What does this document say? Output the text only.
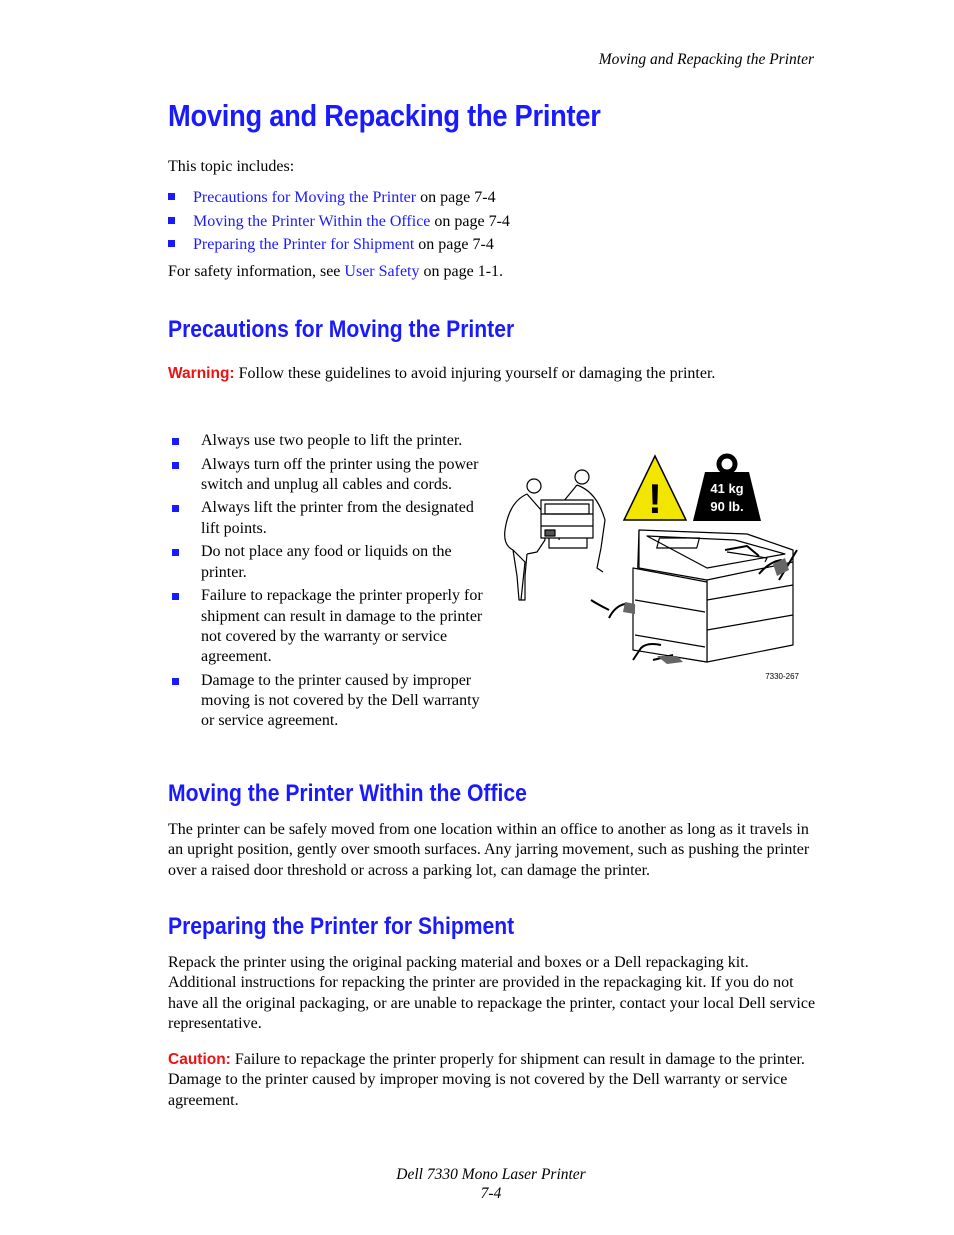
Moving and Repacking the Printer
Moving and Repacking the Printer
This topic includes:
Precautions for Moving the Printer on page 7-4
Moving the Printer Within the Office on page 7-4
Preparing the Printer for Shipment on page 7-4
For safety information, see User Safety on page 1-1.
Precautions for Moving the Printer
Warning: Follow these guidelines to avoid injuring yourself or damaging the printer.
Always use two people to lift the printer.
Always turn off the printer using the power switch and unplug all cables and cords.
Always lift the printer from the designated lift points.
Do not place any food or liquids on the printer.
Failure to repackage the printer properly for shipment can result in damage to the printer not covered by the warranty or service agreement.
Damage to the printer caused by improper moving is not covered by the Dell warranty or service agreement.
!	41 kg
90 lb.
7330-267
Moving the Printer Within the Office

The printer can be safely moved from one location within an office to another as long as it travels in an upright position, gently over smooth surfaces. Any jarring movement, such as pushing the printer over a raised door threshold or across a parking lot, can damage the printer.

Preparing the Printer for Shipment

Repack the printer using the original packing material and boxes or a Dell repackaging kit. Additional instructions for repacking the printer are provided in the repackaging kit. If you do not have all the original packaging, or are unable to repackage the printer, contact your local Dell service representative.

Caution: Failure to repackage the printer properly for shipment can result in damage to the printer. Damage to the printer caused by improper moving is not covered by the Dell warranty or service agreement.

Dell 7330 Mono Laser Printer
7-4
